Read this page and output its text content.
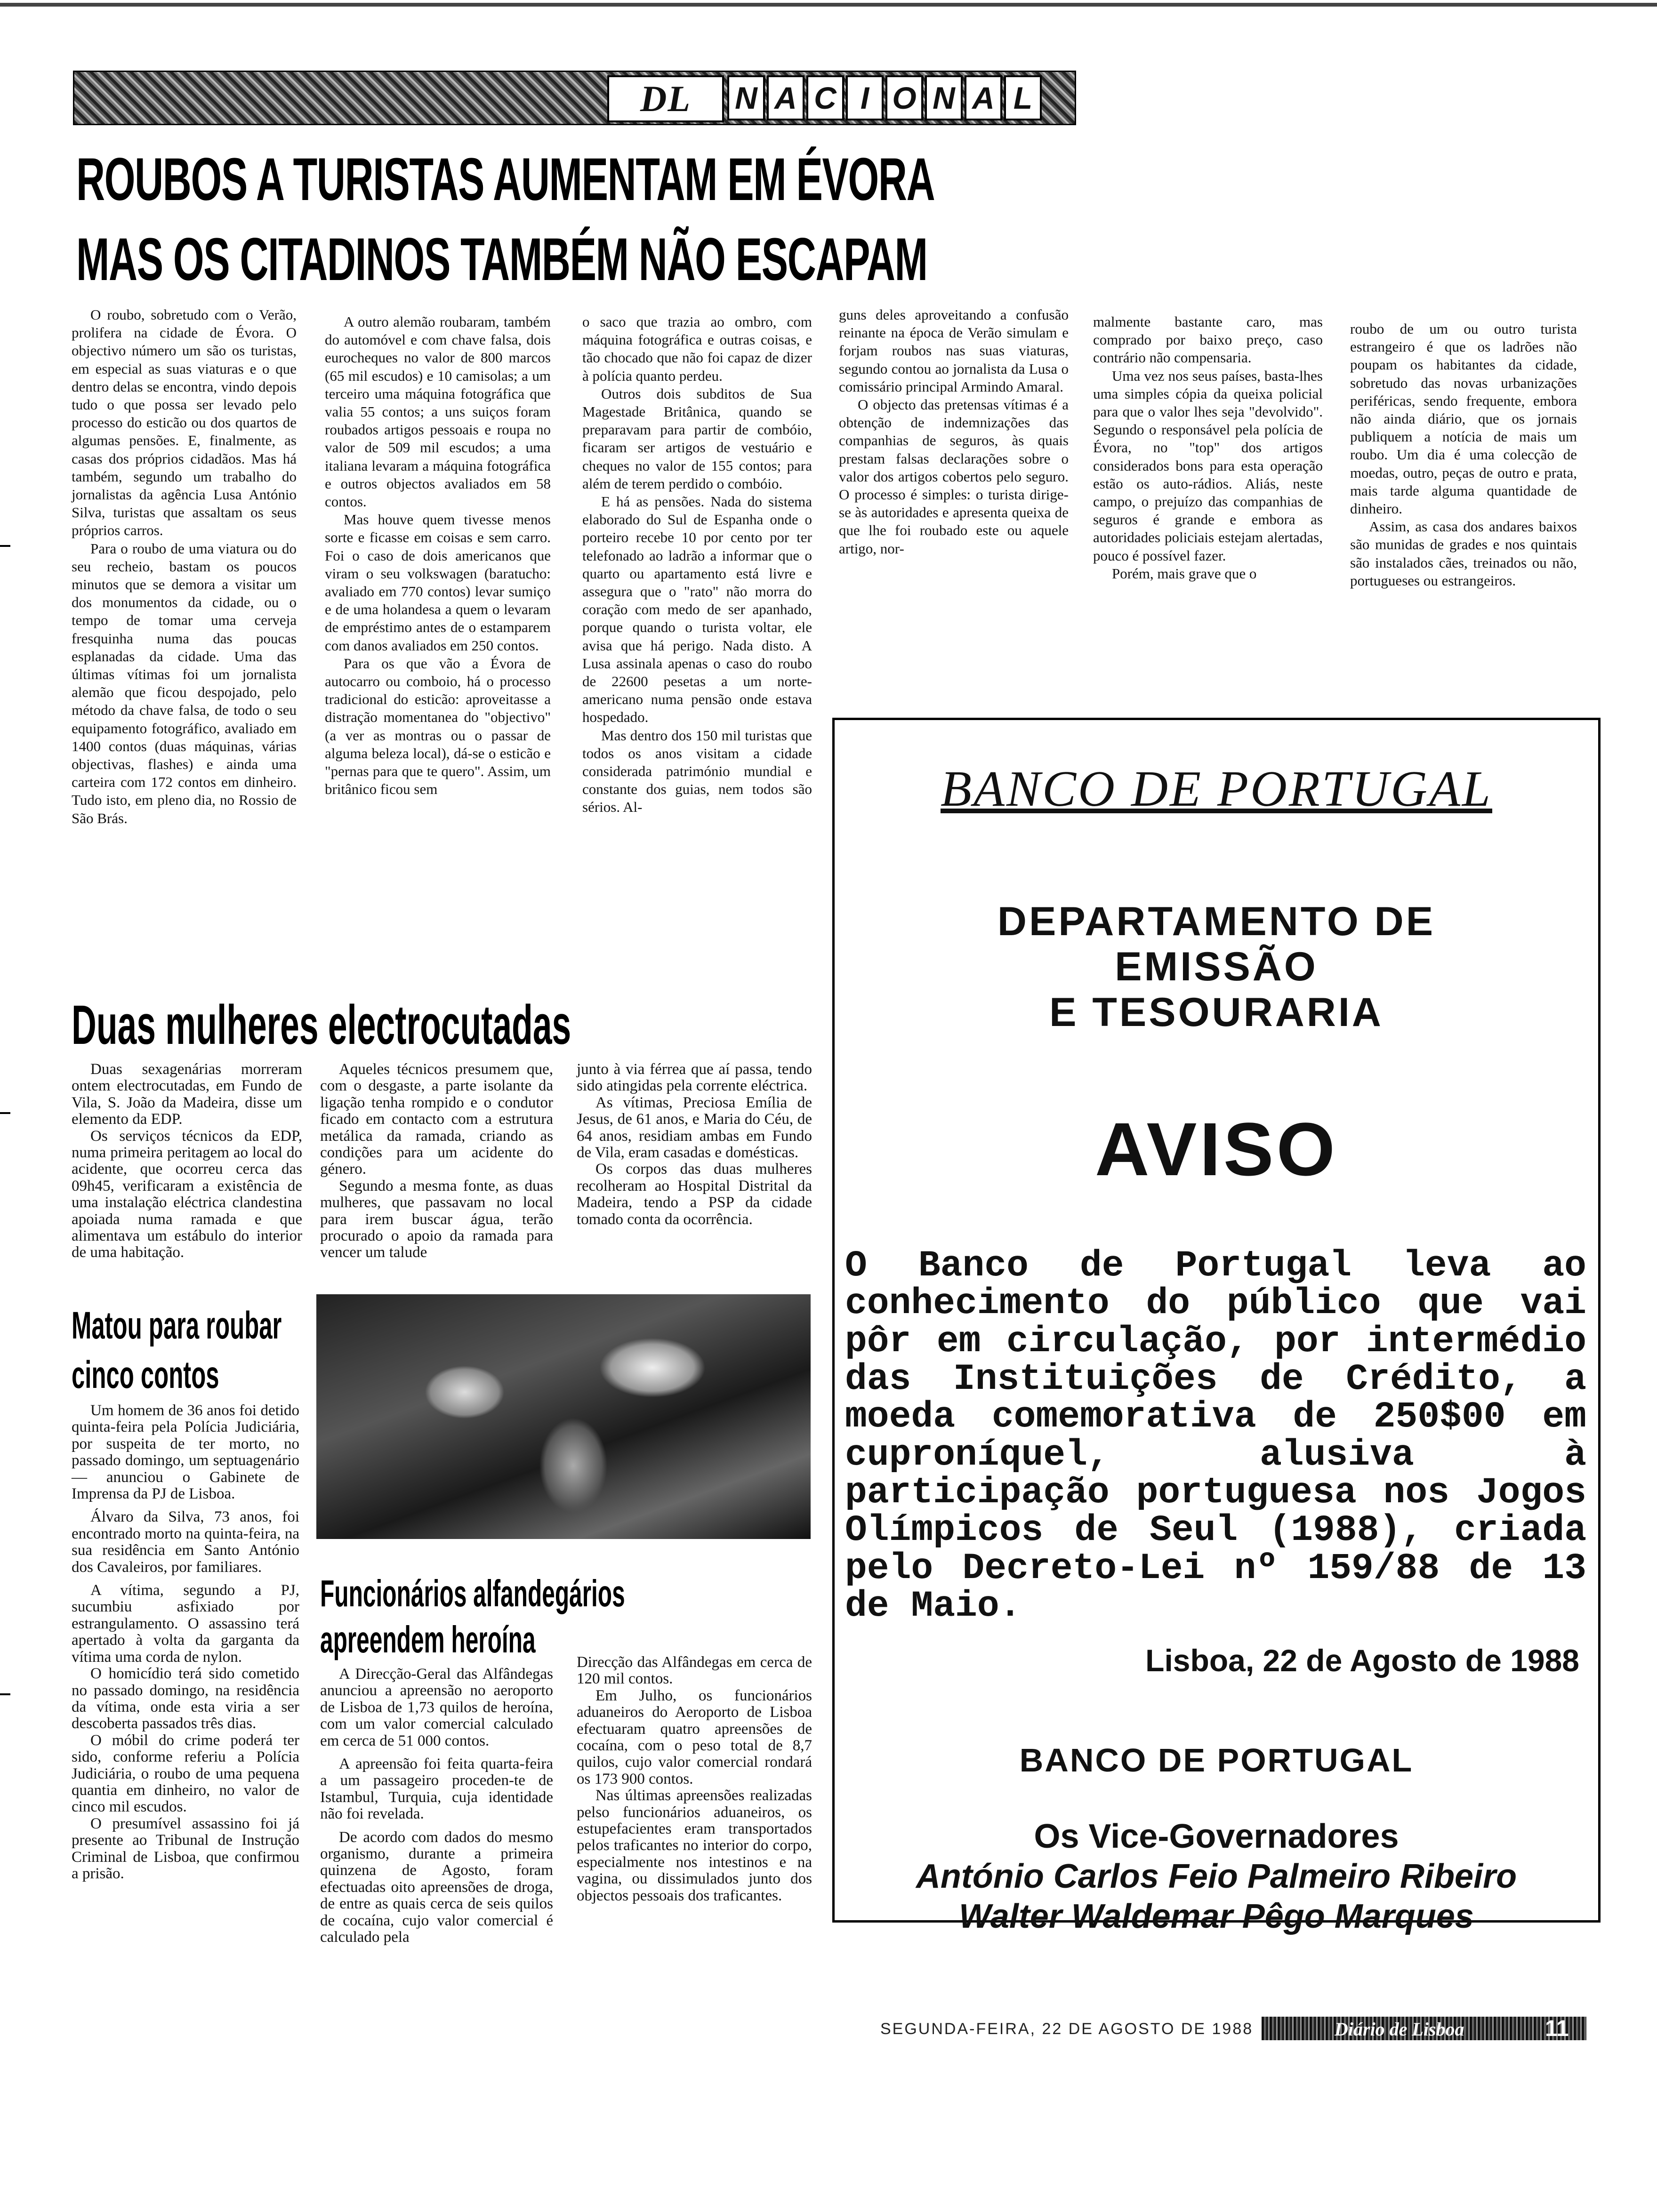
DL	N A C I O N A L
ROUBOS A TURISTAS AUMENTAM EM ÉVORA
MAS OS CITADINOS TAMBÉM NÃO ESCAPAM

O roubo, sobretudo com o Verão, prolifera na cidade de Évora. O objectivo número um são os turistas, em especial as suas viaturas e o que dentro delas se encontra, vindo depois tudo o que possa ser levado pelo processo do esticão ou dos quartos de algumas pensões. E, finalmente, as casas dos próprios cidadãos. Mas há também, segundo um trabalho do jornalistas da agência Lusa António Silva, turistas que assaltam os seus próprios carros.

Para o roubo de uma viatura ou do seu recheio, bastam os poucos minutos que se demora a visitar um dos monumentos da cidade, ou o tempo de tomar uma cerveja fresquinha numa das poucas esplanadas da cidade. Uma das últimas vítimas foi um jornalista alemão que ficou despojado, pelo método da chave falsa, de todo o seu equipamento fotográfico, avaliado em 1400 contos (duas máquinas, várias objectivas, flashes) e ainda uma carteira com 172 contos em dinheiro. Tudo isto, em pleno dia, no Rossio de São Brás.

A outro alemão roubaram, também do automóvel e com chave falsa, dois eurocheques no valor de 800 marcos (65 mil escudos) e 10 camisolas; a um terceiro uma máquina fotográfica que valia 55 contos; a uns suiços foram roubados artigos pessoais e roupa no valor de 509 mil escudos; a uma italiana levaram a máquina fotográfica e outros objectos avaliados em 58 contos.

Mas houve quem tivesse menos sorte e ficasse em coisas e sem carro. Foi o caso de dois americanos que viram o seu volkswagen (baratucho: avaliado em 770 contos) levar sumiço e de uma holandesa a quem o levaram de empréstimo antes de o estamparem com danos avaliados em 250 contos.

Para os que vão a Évora de autocarro ou comboio, há o processo tradicional do esticão: aproveitasse a distração momentanea do "objectivo" (a ver as montras ou o passar de alguma beleza local), dá-se o esticão e "pernas para que te quero". Assim, um britânico ficou sem

o saco que trazia ao ombro, com máquina fotográfica e outras coisas, e tão chocado que não foi capaz de dizer à polícia quanto perdeu.

Outros dois subditos de Sua Magestade Britânica, quando se preparavam para partir de combóio, ficaram ser artigos de vestuário e cheques no valor de 155 contos; para além de terem perdido o combóio.

E há as pensões. Nada do sistema elaborado do Sul de Espanha onde o porteiro recebe 10 por cento por ter telefonado ao ladrão a informar que o quarto ou apartamento está livre e assegura que o "rato" não morra do coração com medo de ser apanhado, porque quando o turista voltar, ele avisa que há perigo. Nada disto. A Lusa assinala apenas o caso do roubo de 22600 pesetas a um norte-americano numa pensão onde estava hospedado.

Mas dentro dos 150 mil turistas que todos os anos visitam a cidade considerada património mundial e constante dos guias, nem todos são sérios. Al-

guns deles aproveitando a confusão reinante na época de Verão simulam e forjam roubos nas suas viaturas, segundo contou ao jornalista da Lusa o comissário principal Armindo Amaral.

O objecto das pretensas vítimas é a obtenção de indemnizações das companhias de seguros, às quais prestam falsas declarações sobre o valor dos artigos cobertos pelo seguro. O processo é simples: o turista dirige-se às autoridades e apresenta queixa de que lhe foi roubado este ou aquele artigo, nor-

malmente bastante caro, mas comprado por baixo preço, caso contrário não compensaria.

Uma vez nos seus países, basta-lhes uma simples cópia da queixa policial para que o valor lhes seja "devolvido". Segundo o responsável pela polícia de Évora, no "top" dos artigos considerados bons para esta operação estão os auto-rádios. Aliás, neste campo, o prejuízo das companhias de seguros é grande e embora as autoridades policiais estejam alertadas, pouco é possível fazer.

Porém, mais grave que o

roubo de um ou outro turista estrangeiro é que os ladrões não poupam os habitantes da cidade, sobretudo das novas urbanizações periféricas, sendo frequente, embora não ainda diário, que os jornais publiquem a notícia de mais um roubo. Um dia é uma colecção de moedas, outro, peças de outro e prata, mais tarde alguma quantidade de dinheiro.

Assim, as casa dos andares baixos são munidas de grades e nos quintais são instalados cães, treinados ou não, portugueses ou estrangeiros.

Duas mulheres electrocutadas

Duas sexagenárias morreram ontem electrocutadas, em Fundo de Vila, S. João da Madeira, disse um elemento da EDP.

Os serviços técnicos da EDP, numa primeira peritagem ao local do acidente, que ocorreu cerca das 09h45, verificaram a existência de uma instalação eléctrica clandestina apoiada numa ramada e que alimentava um estábulo do interior de uma habitação.

Aqueles técnicos presumem que, com o desgaste, a parte isolante da ligação tenha rompido e o condutor ficado em contacto com a estrutura metálica da ramada, criando as condições para um acidente do género.

Segundo a mesma fonte, as duas mulheres, que passavam no local para irem buscar água, terão procurado o apoio da ramada para vencer um talude

junto à via férrea que aí passa, tendo sido atingidas pela corrente eléctrica.

As vítimas, Preciosa Emília de Jesus, de 61 anos, e Maria do Céu, de 64 anos, residiam ambas em Fundo de Vila, eram casadas e domésticas.

Os corpos das duas mulheres recolheram ao Hospital Distrital da Madeira, tendo a PSP da cidade tomado conta da ocorrência.

Matou para roubar
cinco contos

Um homem de 36 anos foi detido quinta-feira pela Polícia Judiciária, por suspeita de ter morto, no passado domingo, um septuagenário — anunciou o Gabinete de Imprensa da PJ de Lisboa.

Álvaro da Silva, 73 anos, foi encontrado morto na quinta-feira, na sua residência em Santo António dos Cavaleiros, por familiares.

A vítima, segundo a PJ, sucumbiu asfixiado por estrangulamento. O assassino terá apertado à volta da garganta da vítima uma corda de nylon.

O homicídio terá sido cometido no passado domingo, na residência da vítima, onde esta viria a ser descoberta passados três dias.

O móbil do crime poderá ter sido, conforme referiu a Polícia Judiciária, o roubo de uma pequena quantia em dinheiro, no valor de cinco mil escudos.

O presumível assassino foi já presente ao Tribunal de Instrução Criminal de Lisboa, que confirmou a prisão.

Funcionários alfandegários
apreendem heroína

A Direcção-Geral das Alfândegas anunciou a apreensão no aeroporto de Lisboa de 1,73 quilos de heroína, com um valor comercial calculado em cerca de 51 000 contos.

A apreensão foi feita quarta-feira a um passageiro proceden-te de Istambul, Turquia, cuja identidade não foi revelada.

De acordo com dados do mesmo organismo, durante a primeira quinzena de Agosto, foram efectuadas oito apreensões de droga, de entre as quais cerca de seis quilos de cocaína, cujo valor comercial é calculado pela

Direcção das Alfândegas em cerca de 120 mil contos.

Em Julho, os funcionários aduaneiros do Aeroporto de Lisboa efectuaram quatro apreensões de cocaína, com o peso total de 8,7 quilos, cujo valor comercial rondará os 173 900 contos.

Nas últimas apreensões realizadas pelso funcionários aduaneiros, os estupefacientes eram transportados pelos traficantes no interior do corpo, especialmente nos intestinos e na vagina, ou dissimulados junto dos objectos pessoais dos traficantes.

BANCO DE PORTUGAL
DEPARTAMENTO DE
EMISSÃO
E TESOURARIA
AVISO
O Banco de Portugal leva ao conhecimento do público que vai pôr em circulação, por intermédio das Instituições de Crédito, a moeda comemorativa de 250$00 em cuproníquel, alusiva à participação portuguesa nos Jogos Olímpicos de Seul (1988), criada pelo Decreto-Lei nº 159/88 de 13 de Maio.
Lisboa, 22 de Agosto de 1988
BANCO DE PORTUGAL
Os Vice-Governadores
António Carlos Feio Palmeiro Ribeiro
Walter Waldemar Pêgo Marques
SEGUNDA-FEIRA, 22 DE AGOSTO DE 1988	Diário de Lisboa	11
